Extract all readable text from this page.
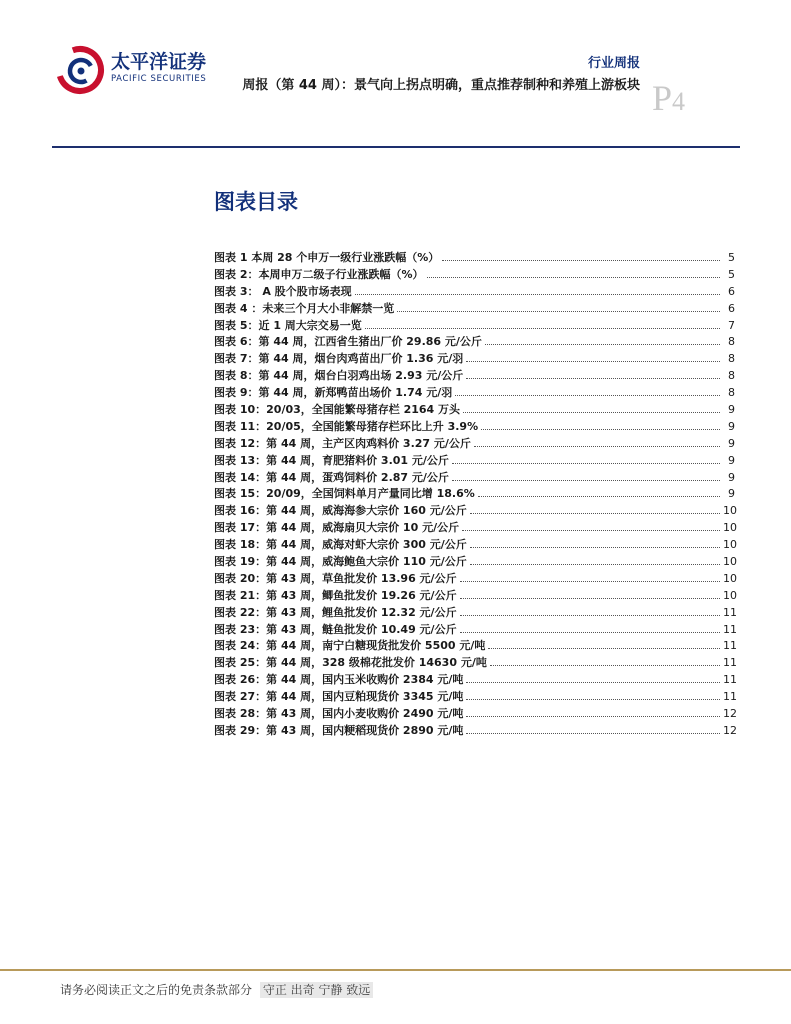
太平洋证券
PACIFIC SECURITIES
行业周报
周报（第 44 周）：景气向上拐点明确，重点推荐制种和养殖上游板块 P4
图表目录
图表 1 本周 28 个申万一级行业涨跌幅（%）	5
图表 2：本周申万二级子行业涨跌幅（%）	5
图表 3： A 股个股市场表现	6
图表 4 ：未来三个月大小非解禁一览	6
图表 5：近 1 周大宗交易一览	7
图表 6：第 44 周，江西省生猪出厂价 29.86 元/公斤	8
图表 7：第 44 周，烟台肉鸡苗出厂价 1.36 元/羽	8
图表 8：第 44 周，烟台白羽鸡出场 2.93 元/公斤	8
图表 9：第 44 周，新郑鸭苗出场价 1.74 元/羽	8
图表 10：20/03，全国能繁母猪存栏 2164 万头	9
图表 11：20/05，全国能繁母猪存栏环比上升 3.9%	9
图表 12：第 44 周，主产区肉鸡料价 3.27 元/公斤	9
图表 13：第 44 周，育肥猪料价 3.01 元/公斤	9
图表 14：第 44 周，蛋鸡饲料价 2.87 元/公斤	9
图表 15：20/09，全国饲料单月产量同比增 18.6%	9
图表 16：第 44 周，威海海参大宗价 160 元/公斤	10
图表 17：第 44 周，威海扇贝大宗价 10 元/公斤	10
图表 18：第 44 周，威海对虾大宗价 300 元/公斤	10
图表 19：第 44 周，威海鲍鱼大宗价 110 元/公斤	10
图表 20：第 43 周，草鱼批发价 13.96 元/公斤	10
图表 21：第 43 周，鲫鱼批发价 19.26 元/公斤	10
图表 22：第 43 周，鲤鱼批发价 12.32 元/公斤	11
图表 23：第 43 周，鲢鱼批发价 10.49 元/公斤	11
图表 24：第 44 周，南宁白糖现货批发价 5500 元/吨	11
图表 25：第 44 周，328 级棉花批发价 14630 元/吨	11
图表 26：第 44 周，国内玉米收购价 2384 元/吨	11
图表 27：第 44 周，国内豆粕现货价 3345 元/吨	11
图表 28：第 43 周，国内小麦收购价 2490 元/吨	12
图表 29：第 43 周，国内粳稻现货价 2890 元/吨	12
请务必阅读正文之后的免责条款部分 守正 出奇 宁静 致远
